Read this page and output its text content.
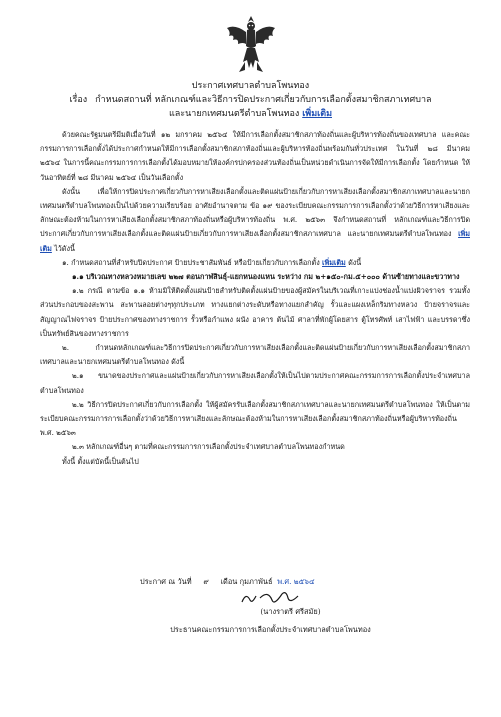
ประกาศเทศบาลตำบลโพนทอง
เรื่อง กำหนดสถานที่ หลักเกณฑ์และวิธีการปิดประกาศเกี่ยวกับการเลือกตั้งสมาชิกสภาเทศบาล
และนายกเทศมนตรีตำบลโพนทอง เพิ่มเติม

ด้วยคณะรัฐมนตรีมีมติเมื่อวันที่ ๑๒ มกราคม ๒๕๖๔ ให้มีการเลือกตั้งสมาชิกสภาท้องถิ่นและผู้บริหารท้องถิ่นของเทศบาล และคณะกรรมการการเลือกตั้งได้ประกาศกำหนดให้มีการเลือกตั้งสมาชิกสภาท้องถิ่นและผู้บริหารท้องถิ่นพร้อมกันทั่วประเทศ ในวันที่ ๒๘ มีนาคม ๒๕๖๔ ในการนี้คณะกรรมการการเลือกตั้งได้มอบหมายให้องค์กรปกครองส่วนท้องถิ่นเป็นหน่วยดำเนินการจัดให้มีการเลือกตั้ง โดยกำหนด ให้วันอาทิตย์ที่ ๒๘ มีนาคม ๒๕๖๔ เป็นวันเลือกตั้ง

ดังนั้น เพื่อให้การปิดประกาศเกี่ยวกับการหาเสียงเลือกตั้งและติดแผ่นป้ายเกี่ยวกับการหาเสียงเลือกตั้งสมาชิกสภาเทศบาลและนายกเทศมนตรีตำบลโพนทองเป็นไปด้วยความเรียบร้อย อาศัยอำนาจตาม ข้อ ๑๙ ของระเบียบคณะกรรมการการเลือกตั้งว่าด้วยวิธีการหาเสียงและลักษณะต้องห้ามในการหาเสียงเลือกตั้งสมาชิกสภาท้องถิ่นหรือผู้บริหารท้องถิ่น พ.ศ. ๒๕๖๓ จึงกำหนดสถานที่ หลักเกณฑ์และวิธีการปิดประกาศเกี่ยวกับการหาเสียงเลือกตั้งและติดแผ่นป้ายเกี่ยวกับการหาเสียงเลือกตั้งสมาชิกสภาเทศบาล และนายกเทศมนตรีตำบลโพนทอง เพิ่มเติม ไว้ดังนี้

๑. กำหนดสถานที่สำหรับปิดประกาศ ป้ายประชาสัมพันธ์ หรือป้ายเกี่ยวกับการเลือกตั้ง เพิ่มเติม ดังนี้

๑.๑ บริเวณทางหลวงหมายเลข ๒๒๗ ตอนกาฬสินธุ์-แยกหนองแหน ระหว่าง กม ๒+๑๕๐-กม.๕+๐๐๐ ด้านซ้ายทางและขวาทาง

๑.๒ กรณี ตามข้อ ๑.๑ ห้ามมิให้ติดตั้งแผ่นป้ายสำหรับติดตั้งแผ่นป้ายของผู้สมัครในบริเวณที่เกาะแบ่งช่องน้ำแบ่งผิวจราจร รวมทั้งส่วนประกอบของสะพาน สะพานลอยต่างๆทุกประเภท ทางแยกต่างระดับหรือทางแยกสำคัญ รั้วและแผงเหล็กริมทางหลวง ป้ายจราจรและสัญญาณไฟจราจร ป้ายประกาศของทางราชการ รั้วหรือกำแพง ผนัง อาคาร ต้นไม้ ศาลาที่พักผู้โดยสาร ตู้โทรศัพท์ เสาไฟฟ้า และบรรดาซึ่งเป็นทรัพย์สินของทางราชการ

๒. กำหนดหลักเกณฑ์และวิธีการปิดประกาศเกี่ยวกับการหาเสียงเลือกตั้งและติดแผ่นป้ายเกี่ยวกับการหาเสียงเลือกตั้งสมาชิกสภาเทศบาลและนายกเทศมนตรีตำบลโพนทอง ดังนี้

๒.๑ ขนาดของประกาศและแผ่นป้ายเกี่ยวกับการหาเสียงเลือกตั้งให้เป็นไปตามประกาศคณะกรรมการการเลือกตั้งประจำเทศบาลตำบลโพนทอง

๒.๒ วิธีการปิดประกาศเกี่ยวกับการเลือกตั้ง ให้ผู้สมัครรับเลือกตั้งสมาชิกสภาเทศบาลและนายกเทศมนตรีตำบลโพนทอง ให้เป็นตามระเบียบคณะกรรมการการเลือกตั้งว่าด้วยวิธีการหาเสียงและลักษณะต้องห้ามในการหาเสียงเลือกตั้งสมาชิกสภาท้องถิ่นหรือผู้บริหารท้องถิ่น พ.ศ. ๒๕๖๓

๒.๓ หลักเกณฑ์อื่นๆ ตามที่คณะกรรมการการเลือกตั้งประจำเทศบาลตำบลโพนทองกำหนด

ทั้งนี้ ตั้งแต่บัดนี้เป็นต้นไป

ประกาศ ณ วันที่ ๙ เดือน กุมภาพันธ์ พ.ศ. ๒๕๖๔
(นางราตรี ศรีสมัย)
ประธานคณะกรรมการการเลือกตั้งประจำเทศบาลตำบลโพนทอง
